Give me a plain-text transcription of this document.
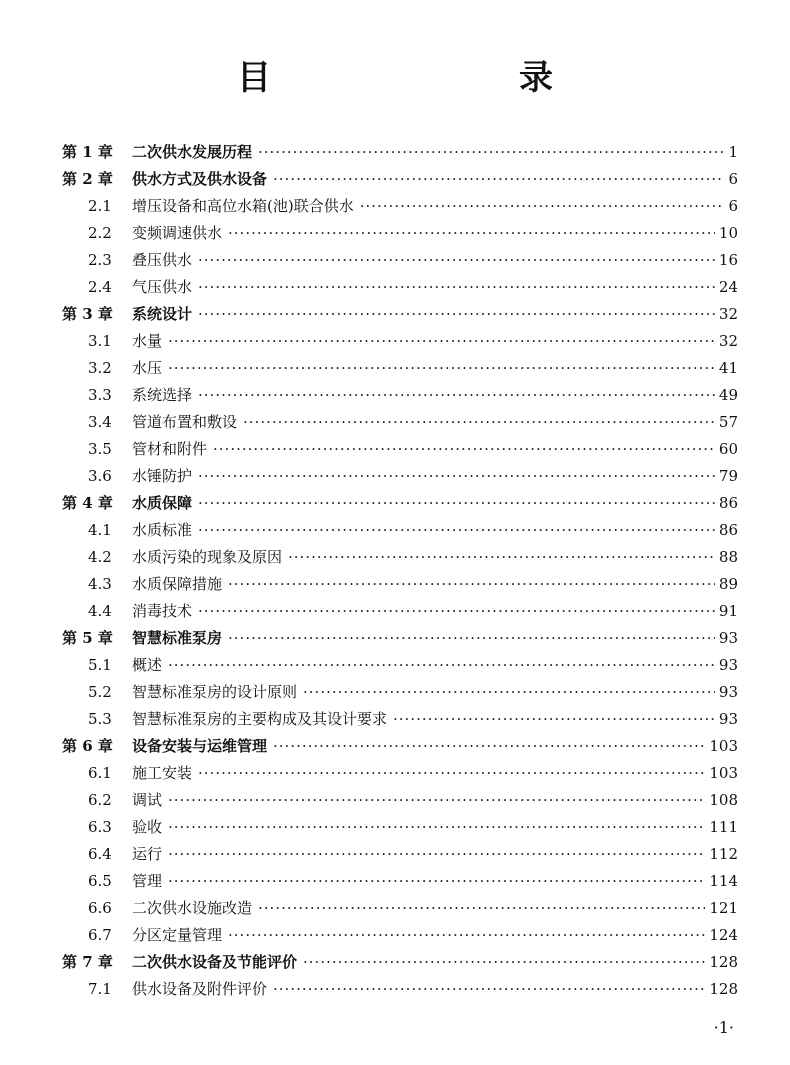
目　　录
第 1 章 二次供水发展历程 ·····	1
第 2 章 供水方式及供水设备 ·····	6
2.1 增压设备和高位水箱(池)联合供水 ·····	6
2.2 变频调速供水 ·····	10
2.3 叠压供水 ·····	16
2.4 气压供水 ·····	24
第 3 章 系统设计 ·····	32
3.1 水量 ·····	32
3.2 水压 ·····	41
3.3 系统选择 ·····	49
3.4 管道布置和敷设 ·····	57
3.5 管材和附件 ·····	60
3.6 水锤防护 ·····	79
第 4 章 水质保障 ·····	86
4.1 水质标准 ·····	86
4.2 水质污染的现象及原因 ·····	88
4.3 水质保障措施 ·····	89
4.4 消毒技术 ·····	91
第 5 章 智慧标准泵房 ·····	93
5.1 概述 ·····	93
5.2 智慧标准泵房的设计原则 ·····	93
5.3 智慧标准泵房的主要构成及其设计要求 ·····	93
第 6 章 设备安装与运维管理 ·····	103
6.1 施工安装 ·····	103
6.2 调试 ·····	108
6.3 验收 ·····	111
6.4 运行 ·····	112
6.5 管理 ·····	114
6.6 二次供水设施改造 ·····	121
6.7 分区定量管理 ·····	124
第 7 章 二次供水设备及节能评价 ·····	128
7.1 供水设备及附件评价 ·····	128
·1·
